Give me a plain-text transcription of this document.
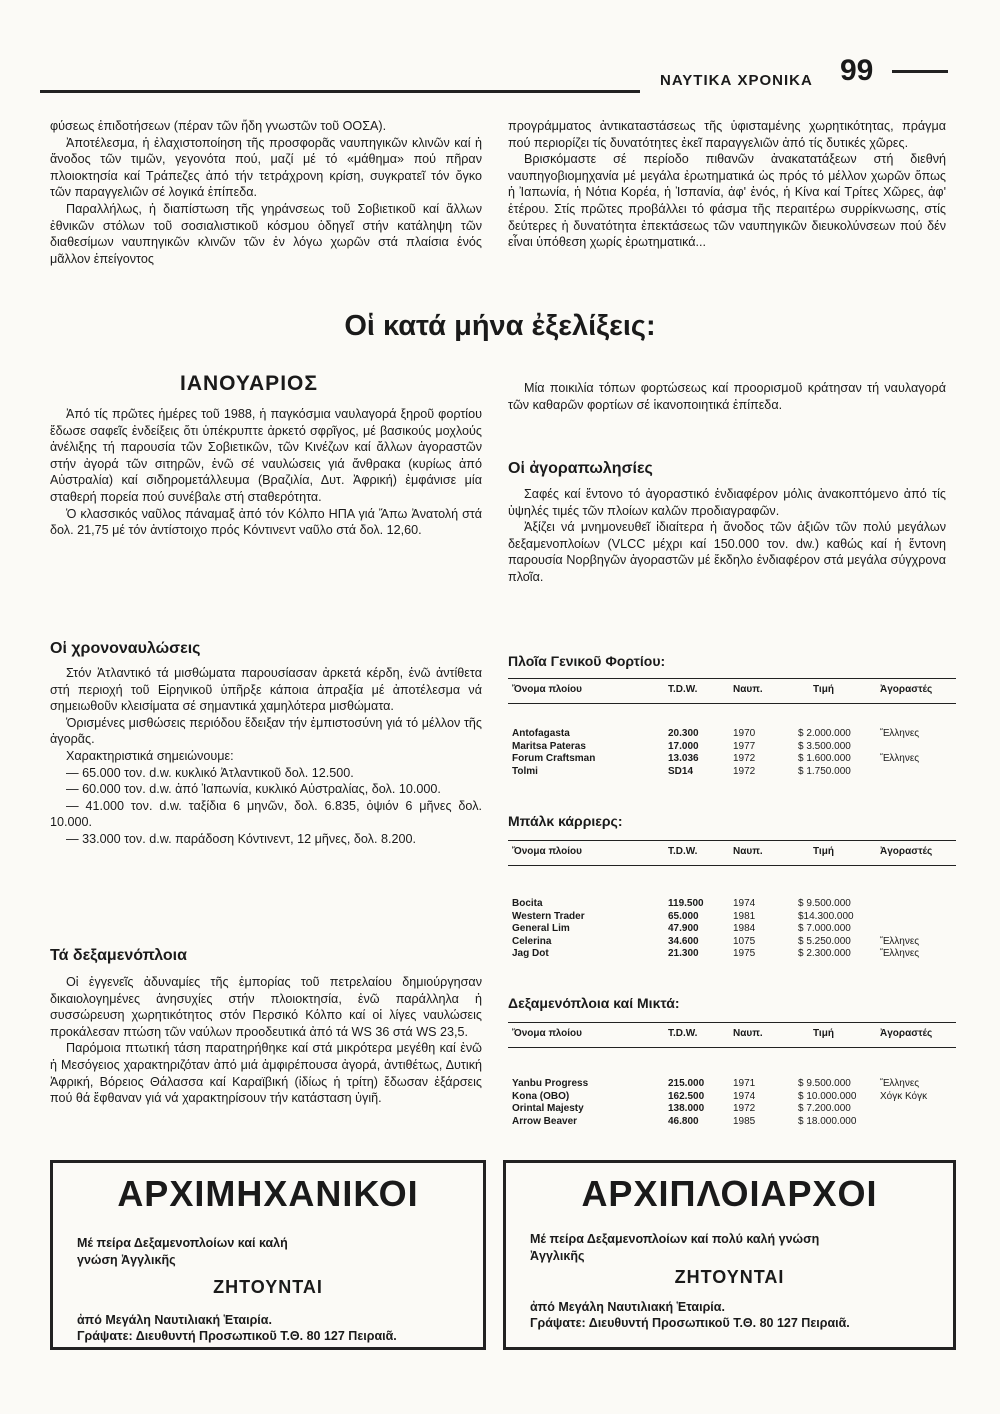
ΝΑΥΤΙΚΑ ΧΡΟΝΙΚΑ 99

φύσεως ἐπιδοτήσεων (πέραν τῶν ἤδη γνωστῶν τοῦ ΟΟΣΑ).

Ἀποτέλεσμα, ἡ ἐλαχιστοποίηση τῆς προσφορᾶς ναυπηγικῶν κλινῶν καί ἡ ἄνοδος τῶν τιμῶν, γεγονότα πού, μαζί μέ τό «μάθημα» πού πῆραν πλοιοκτησία καί Τράπεζες ἀπό τήν τετράχρονη κρίση, συγκρατεῖ τόν ὄγκο τῶν παραγγελιῶν σέ λογικά ἐπίπεδα.

Παραλλήλως, ἡ διαπίστωση τῆς γηράνσεως τοῦ Σοβιετικοῦ καί ἄλλων ἐθνικῶν στόλων τοῦ σοσιαλιστικοῦ κόσμου ὁδηγεῖ στήν κατάληψη τῶν διαθεσίμων ναυπηγικῶν κλινῶν τῶν ἐν λόγω χωρῶν στά πλαίσια ἑνός μᾶλλον ἐπείγοντος

προγράμματος ἀντικαταστάσεως τῆς ὑφισταμένης χωρητικότητας, πράγμα πού περιορίζει τίς δυνατότητες ἐκεῖ παραγγελιῶν ἀπό τίς δυτικές χῶρες.

Βρισκόμαστε σέ περίοδο πιθανῶν ἀνακατατάξεων στή διεθνή ναυπηγοβιομηχανία μέ μεγάλα ἐρωτηματικά ὡς πρός τό μέλλον χωρῶν ὅπως ἡ Ἰαπωνία, ἡ Νότια Κορέα, ἡ Ἰσπανία, ἀφ' ἑνός, ἡ Κίνα καί Τρίτες Χῶρες, ἀφ' ἑτέρου. Στίς πρῶτες προβάλλει τό φάσμα τῆς περαιτέρω συρρίκνωσης, στίς δεύτερες ἡ δυνατότητα ἐπεκτάσεως τῶν ναυπηγικῶν διευκολύνσεων πού δέν εἶναι ὑπόθεση χωρίς ἐρωτηματικά...

Οἱ κατά μήνα ἐξελίξεις:
ΙΑΝΟΥΑΡΙΟΣ

Ἀπό τίς πρῶτες ἡμέρες τοῦ 1988, ἡ παγκόσμια ναυλαγορά ξηροῦ φορτίου ἔδωσε σαφεῖς ἐνδείξεις ὅτι ὑπέκρυπτε ἀρκετό σφρῖγος, μέ βασικούς μοχλούς ἀνέλιξης τή παρουσία τῶν Σοβιετικῶν, τῶν Κινέζων καί ἄλλων ἀγοραστῶν στήν ἀγορά τῶν σιτηρῶν, ἐνῶ σέ ναυλώσεις γιά ἄνθρακα (κυρίως ἀπό Αὐστραλία) καί σιδηρομετάλλευμα (Βραζιλία, Δυτ. Ἀφρική) ἐμφάνισε μία σταθερή πορεία πού συνέβαλε στή σταθερότητα.

Ὁ κλασσικός ναῦλος πάναμαξ ἀπό τόν Κόλπο ΗΠΑ γιά Ἄπω Ἀνατολή στά δολ. 21,75 μέ τόν ἀντίστοιχο πρός Κόντινεντ ναῦλο στά δολ. 12,60.

Μία ποικιλία τόπων φορτώσεως καί προορισμοῦ κράτησαν τή ναυλαγορά τῶν καθαρῶν φορτίων σέ ἱκανοποιητικά ἐπίπεδα.

Οἱ χρονοναυλώσεις

Στόν Ἀτλαντικό τά μισθώματα παρουσίασαν ἀρκετά κέρδη, ἐνῶ ἀντίθετα στή περιοχή τοῦ Εἰρηνικοῦ ὑπῆρξε κάποια ἀπραξία μέ ἀποτέλεσμα νά σημειωθοῦν κλεισίματα σέ σημαντικά χαμηλότερα μισθώματα.

Ὁρισμένες μισθώσεις περιόδου ἔδειξαν τήν ἐμπιστοσύνη γιά τό μέλλον τῆς ἀγορᾶς.

Χαρακτηριστικά σημειώνουμε:

— 65.000 τον. d.w. κυκλικό Ἀτλαντικοῦ δολ. 12.500.

— 60.000 τον. d.w. ἀπό Ἰαπωνία, κυκλικό Αὐστραλίας, δολ. 10.000.

— 41.000 τον. d.w. ταξίδια 6 μηνῶν, δολ. 6.835, ὀψιόν 6 μῆνες δολ. 10.000.

— 33.000 τον. d.w. παράδοση Κόντινεντ, 12 μῆνες, δολ. 8.200.

Τά δεξαμενόπλοια

Οἱ ἐγγενεῖς ἀδυναμίες τῆς ἐμπορίας τοῦ πετρελαίου δημιούργησαν δικαιολογημένες ἀνησυχίες στήν πλοιοκτησία, ἐνῶ παράλληλα ἡ συσσώρευση χωρητικότητος στόν Περσικό Κόλπο καί οἱ λίγες ναυλώσεις προκάλεσαν πτώση τῶν ναύλων προοδευτικά ἀπό τά WS 36 στά WS 23,5.

Παρόμοια πτωτική τάση παρατηρήθηκε καί στά μικρότερα μεγέθη καί ἐνῶ ἡ Μεσόγειος χαρακτηριζόταν ἀπό μιά ἀμφιρέπουσα ἀγορά, ἀντιθέτως, Δυτική Ἀφρική, Βόρειος Θάλασσα καί Καραϊβική (ἰδίως ἡ τρίτη) ἔδωσαν ἐξάρσεις πού θά ἔφθαναν γιά νά χαρακτηρίσουν τήν κατάσταση ὑγιῆ.

Οἱ ἀγοραπωλησίες

Σαφές καί ἔντονο τό ἀγοραστικό ἐνδιαφέρον μόλις ἀνακοπτόμενο ἀπό τίς ὑψηλές τιμές τῶν πλοίων καλῶν προδιαγραφῶν.

Ἀξίζει νά μνημονευθεῖ ἰδιαίτερα ἡ ἄνοδος τῶν ἀξιῶν τῶν πολύ μεγάλων δεξαμενοπλοίων (VLCC μέχρι καί 150.000 τον. dw.) καθώς καί ἡ ἔντονη παρουσία Νορβηγῶν ἀγοραστῶν μέ ἔκδηλο ἐνδιαφέρον στά μεγάλα σύγχρονα πλοῖα.

Πλοῖα Γενικοῦ Φορτίου:
Ὄνομα πλοίου	T.D.W.	Ναυπ.	Τιμή	Ἀγοραστές
Antofagasta	20.300	1970	$ 2.000.000	Ἕλληνες
Maritsa Pateras	17.000	1977	$ 3.500.000
Forum Craftsman	13.036	1972	$ 1.600.000	Ἕλληνες
Tolmi	SD14	1972	$ 1.750.000
Μπάλκ κάρριερς:
Ὄνομα πλοίου	T.D.W.	Ναυπ.	Τιμή	Ἀγοραστές
Bocita	119.500	1974	$ 9.500.000
Western Trader	65.000	1981	$14.300.000
General Lim	47.900	1984	$ 7.000.000
Celerina	34.600	1075	$ 5.250.000	Ἕλληνες
Jag Dot	21.300	1975	$ 2.300.000	Ἕλληνες
Δεξαμενόπλοια καί Μικτά:
Ὄνομα πλοίου	T.D.W.	Ναυπ.	Τιμή	Ἀγοραστές
Yanbu Progress	215.000	1971	$ 9.500.000	Ἕλληνες
Kona (OBO)	162.500	1974	$ 10.000.000 Χόγκ Κόγκ
Orintal Majesty	138.000	1972	$ 7.200.000
Arrow Beaver	46.800	1985	$ 18.000.000
ΑΡΧΙΜΗΧΑΝΙΚΟΙ
Μέ πείρα Δεξαμενοπλοίων καί καλή
γνώση Ἀγγλικῆς
ΖΗΤΟΥΝΤΑΙ
ἀπό Μεγάλη Ναυτιλιακή Ἑταιρία.
Γράψατε: Διευθυντή Προσωπικοῦ Τ.Θ. 80 127 Πειραιᾶ.
ΑΡΧΙΠΛΟΙΑΡΧΟΙ
Μέ πείρα Δεξαμενοπλοίων καί πολύ καλή γνώση
Ἀγγλικῆς
ΖΗΤΟΥΝΤΑΙ
ἀπό Μεγάλη Ναυτιλιακή Ἑταιρία.
Γράψατε: Διευθυντή Προσωπικοῦ Τ.Θ. 80 127 Πειραιᾶ.
